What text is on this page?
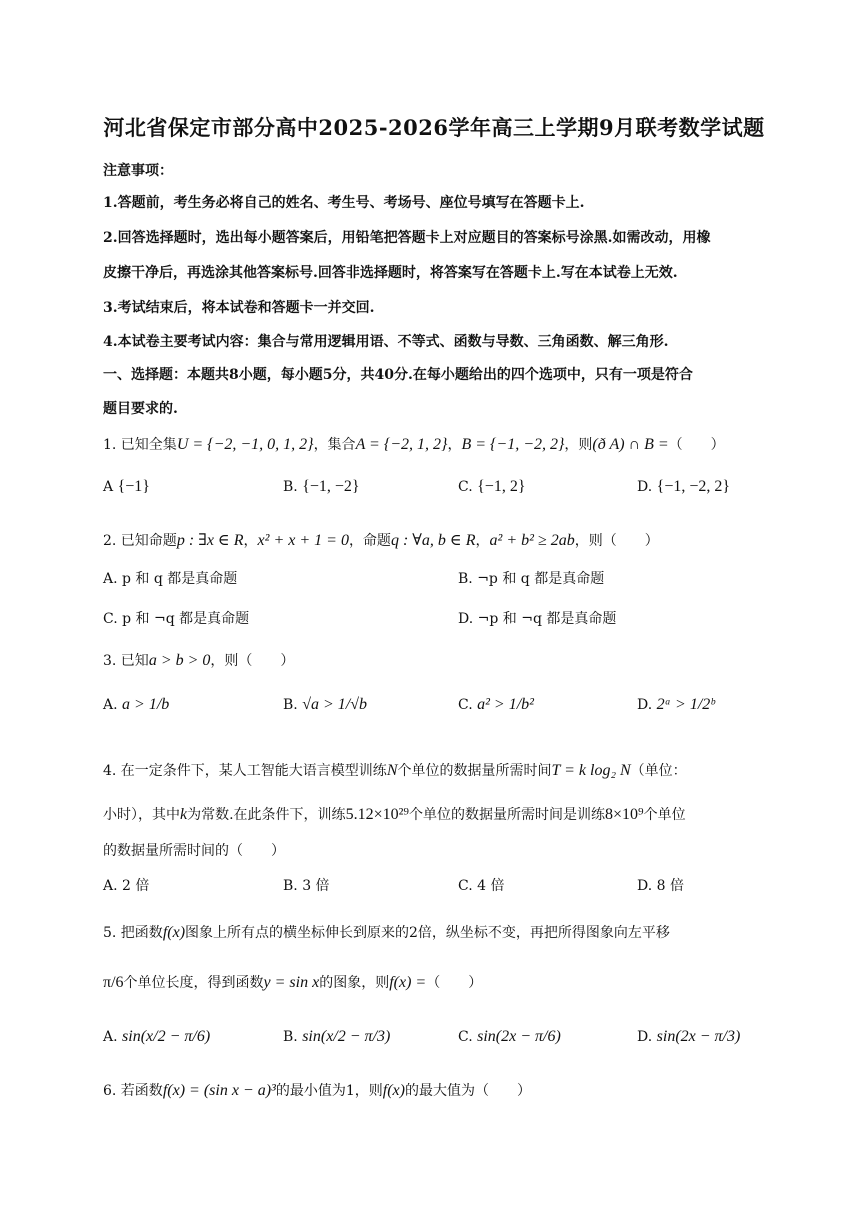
河北省保定市部分高中2025-2026学年高三上学期9月联考数学试题
注意事项：
1.答题前，考生务必将自己的姓名、考生号、考场号、座位号填写在答题卡上.
2.回答选择题时，选出每小题答案后，用铅笔把答题卡上对应题目的答案标号涂黑.如需改动，用橡
皮擦干净后，再选涂其他答案标号.回答非选择题时，将答案写在答题卡上.写在本试卷上无效.
3.考试结束后，将本试卷和答题卡一并交回.
4.本试卷主要考试内容：集合与常用逻辑用语、不等式、函数与导数、三角函数、解三角形.
一、选择题：本题共8小题，每小题5分，共40分.在每小题给出的四个选项中，只有一项是符合
题目要求的.
1. 已知全集U = {−2, −1, 0, 1, 2}，集合A = {−2, 1, 2}，B = {−1, −2, 2}，则(ð A) ∩ B =（　　）
A {−1}	B. {−1, −2}	C. {−1, 2}	D. {−1, −2, 2}
2. 已知命题p : ∃x ∈ R，x² + x + 1 = 0，命题q : ∀a, b ∈ R，a² + b² ≥ 2ab，则（　　）
A. p 和 q 都是真命题	B. ¬p 和 q 都是真命题
C. p 和 ¬q 都是真命题	D. ¬p 和 ¬q 都是真命题
3. 已知a > b > 0，则（　　）
A. a > 1/b	B. √a > 1/√b	C. a² > 1/b²	D. 2ᵃ > 1/2ᵇ
4. 在一定条件下，某人工智能大语言模型训练N个单位的数据量所需时间T = k log₂ N（单位：
小时），其中k为常数.在此条件下，训练5.12×10²⁹个单位的数据量所需时间是训练8×10⁹个单位
的数据量所需时间的（　　）
A. 2 倍	B. 3 倍	C. 4 倍	D. 8 倍
5. 把函数f(x)图象上所有点的横坐标伸长到原来的2倍，纵坐标不变，再把所得图象向左平移
π/6个单位长度，得到函数y = sin x的图象，则f(x) =（　　）
A. sin(x/2 − π/6)	B. sin(x/2 − π/3)	C. sin(2x − π/6)	D. sin(2x − π/3)
6. 若函数f(x) = (sin x − a)³的最小值为1，则f(x)的最大值为（　　）
